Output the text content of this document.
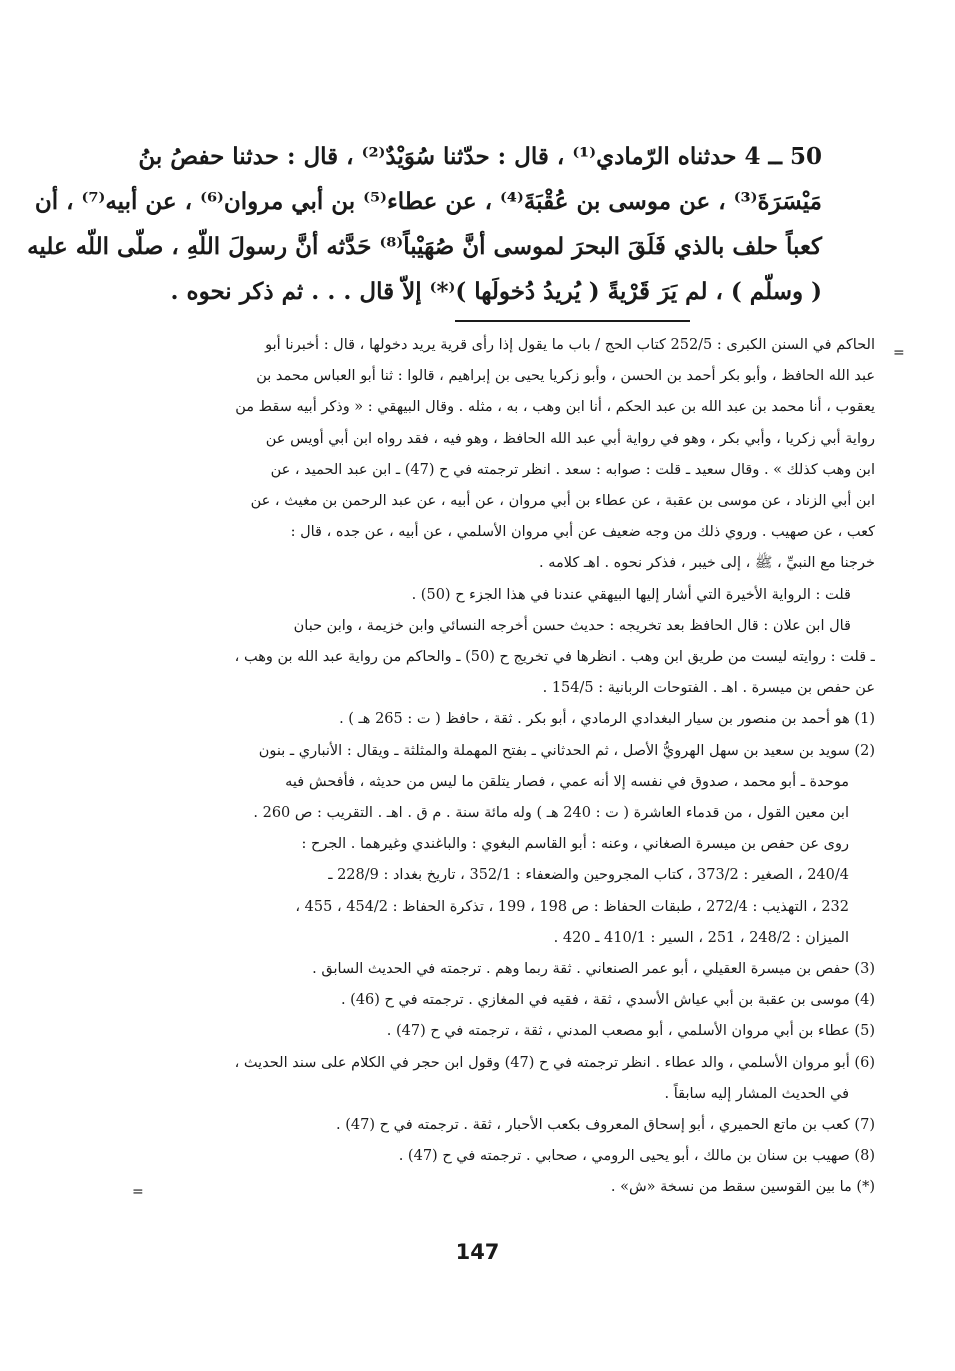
50 ــ 4 حدثناه الرّمادي⁽¹⁾ ، قال : حدّثنا سُوَيْدٌ⁽²⁾ ، قال : حدثنا حفصُ بنُ
مَيْسَرَةَ⁽³⁾ ، عن موسى بن عُقْبَةَ⁽⁴⁾ ، عن عطاء⁽⁵⁾ بن أبي مروان⁽⁶⁾ ، عن أبيه⁽⁷⁾ ، أن
كعباً حلف بالذي فَلَقَ البحرَ لموسى أنَّ صُهَيْباً⁽⁸⁾ حَدَّثه أنَّ رسولَ اللّهِ ، صلّى اللّه عليه
( وسلّم ) ، لم يَرَ قَرْيةً ( يُريدُ دُخولَها )⁽*⁾ إلاّ قال . . . ثم ذكر نحوه .
=
=

الحاكم في السنن الكبرى : 252/5 كتاب الحج / باب ما يقول إذا رأى قرية يريد دخولها ، قال : أخبرنا أبو

عبد الله الحافظ ، وأبو بكر أحمد بن الحسن ، وأبو زكريا يحيى بن إبراهيم ، قالوا : ثنا أبو العباس محمد بن

يعقوب ، أنا محمد بن عبد الله بن عبد الحكم ، أنا ابن وهب ، به ، مثله . وقال البيهقي : « وذكر أبيه سقط من

رواية أبي زكريا ، وأبي بكر ، وهو في رواية أبي عبد الله الحافظ ، وهو فيه ، فقد رواه ابن أبي أويس عن

ابن وهب كذلك » . وقال سعيد ـ قلت : صوابه : سعد . انظر ترجمته في ح (47) ـ ابن عبد الحميد ، عن

ابن أبي الزناد ، عن موسى بن عقبة ، عن عطاء بن أبي مروان ، عن أبيه ، عن عبد الرحمن بن مغيث ، عن

كعب ، عن صهيب . وروي ذلك من وجه ضعيف عن أبي مروان الأسلمي ، عن أبيه ، عن جده ، قال :

خرجنا مع النبيِّ ، ﷺ ، إلى خيبر ، فذكر نحوه . اهـ كلامه .

قلت : الرواية الأخيرة التي أشار إليها البيهقي عندنا في هذا الجزء ح (50) .

قال ابن علان : قال الحافظ بعد تخريجه : حديث حسن أخرجه النسائي وابن خزيمة ، وابن حبان

ـ قلت : روايته ليست من طريق ابن وهب . انظرها في تخريج ح (50) ـ والحاكم من رواية عبد الله بن وهب ،

عن حفص بن ميسرة . اهـ . الفتوحات الربانية : 154/5 .

(1) هو أحمد بن منصور بن سيار البغدادي الرمادي ، أبو بكر . ثقة ، حافظ ( ت : 265 هـ ) .

(2) سويد بن سعيد بن سهل الهرويُّ الأصل ، ثم الحدثاني ـ بفتح المهملة والمثلثة ـ ويقال : الأنباري ـ بنون

موحدة ـ أبو محمد ، صدوق في نفسه إلا أنه عمي ، فصار يتلقن ما ليس من حديثه ، فأفحش فيه

ابن معين القول ، من قدماء العاشرة ( ت : 240 هـ ) وله مائة سنة . م ق . اهـ . التقريب : ص 260 .

روى عن حفص بن ميسرة الصغاني ، وعنه : أبو القاسم البغوي : والباغندي وغيرهما . الجرح :

240/4 ، الصغير : 373/2 ، كتاب المجروحين والضعفاء : 352/1 ، تاريخ بغداد : 228/9 ـ

232 ، التهذيب : 272/4 ، طبقات الحفاظ : ص 198 ، 199 ، تذكرة الحفاظ : 454/2 ، 455 ،

الميزان : 248/2 ، 251 ، السير : 410/1 ـ 420 .

(3) حفص بن ميسرة العقيلي ، أبو عمر الصنعاني . ثقة ربما وهم . ترجمته في الحديث السابق .

(4) موسى بن عقبة بن أبي عياش الأسدي ، ثقة ، فقيه في المغازي . ترجمته في ح (46) .

(5) عطاء بن أبي مروان الأسلمي ، أبو مصعب المدني ، ثقة ، ترجمته في ح (47) .

(6) أبو مروان الأسلمي ، والد عطاء . انظر ترجمته في ح (47) وقول ابن حجر في الكلام على سند الحديث ،

في الحديث المشار إليه سابقاً .

(7) كعب بن ماتع الحميري ، أبو إسحاق المعروف بكعب الأحبار ، ثقة . ترجمته في ح (47) .

(8) صهيب بن سنان بن مالك ، أبو يحيى الرومي ، صحابي . ترجمته في ح (47) .

(*) ما بين القوسين سقط من نسخة «ش» .

147
